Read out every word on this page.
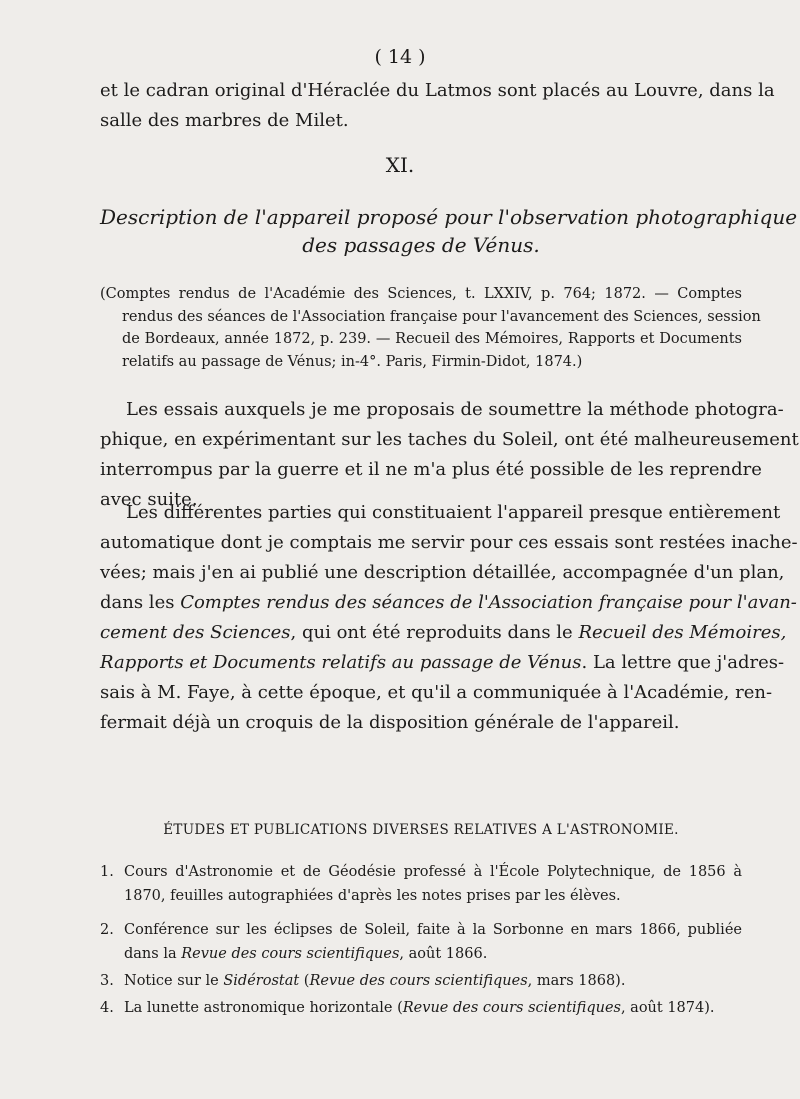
( 14 )
et le cadran original d'Héraclée du Latmos sont placés au Louvre, dans la
salle des marbres de Milet.
XI.
Description de l'appareil proposé pour l'observation photographique
des passages de Vénus.
(Comptes rendus de l'Académie des Sciences, t. LXXIV, p. 764; 1872. — Comptes
rendus des séances de l'Association française pour l'avancement des Sciences, session
de Bordeaux, année 1872, p. 239. — Recueil des Mémoires, Rapports et Documents
relatifs au passage de Vénus; in-4°. Paris, Firmin-Didot, 1874.)
Les essais auxquels je me proposais de soumettre la méthode photogra-
phique, en expérimentant sur les taches du Soleil, ont été malheureusement
interrompus par la guerre et il ne m'a plus été possible de les reprendre
avec suite.
Les différentes parties qui constituaient l'appareil presque entièrement
automatique dont je comptais me servir pour ces essais sont restées inache-
vées; mais j'en ai publié une description détaillée, accompagnée d'un plan,
dans les Comptes rendus des séances de l'Association française pour l'avan-
cement des Sciences, qui ont été reproduits dans le Recueil des Mémoires,
Rapports et Documents relatifs au passage de Vénus. La lettre que j'adres-
sais à M. Faye, à cette époque, et qu'il a communiquée à l'Académie, ren-
fermait déjà un croquis de la disposition générale de l'appareil.
ÉTUDES ET PUBLICATIONS DIVERSES RELATIVES A L'ASTRONOMIE.
1. Cours d'Astronomie et de Géodésie professé à l'École Polytechnique, de 1856 à
1870, feuilles autographiées d'après les notes prises par les élèves.
2. Conférence sur les éclipses de Soleil, faite à la Sorbonne en mars 1866, publiée
dans la Revue des cours scientifiques, août 1866.
3. Notice sur le Sidérostat (Revue des cours scientifiques, mars 1868).
4. La lunette astronomique horizontale (Revue des cours scientifiques, août 1874).
